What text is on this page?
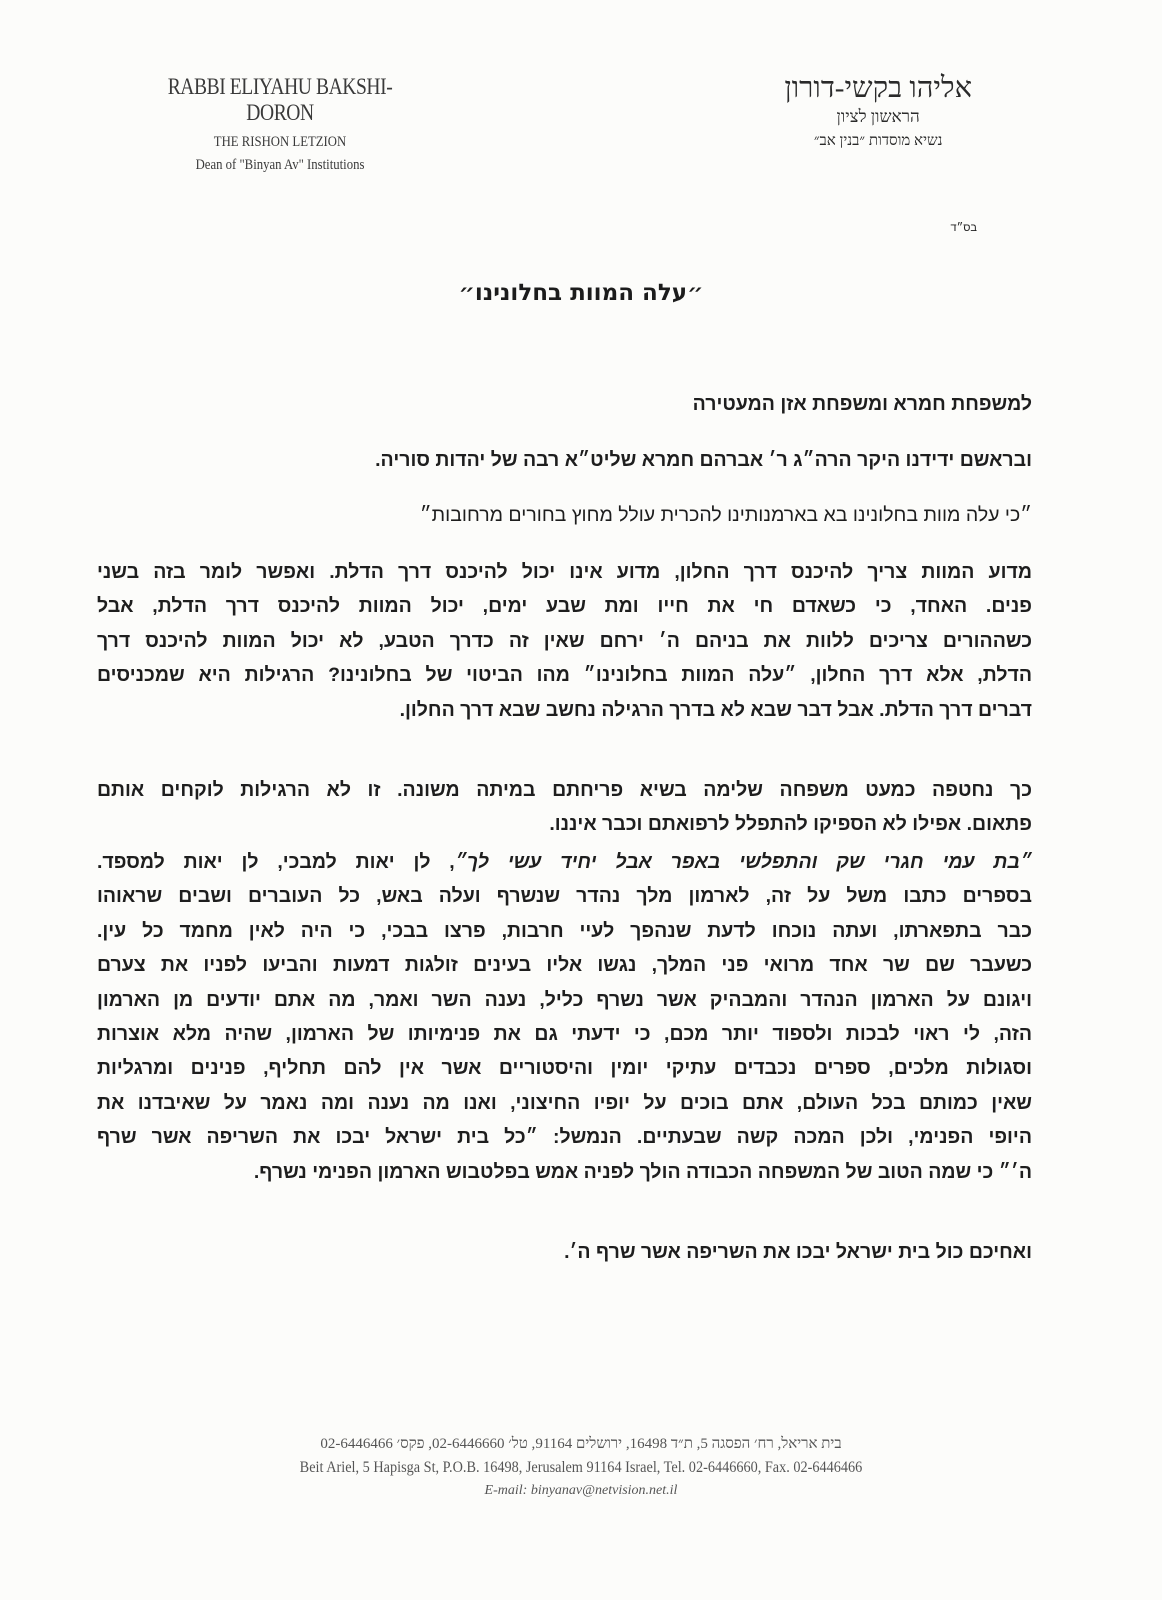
RABBI ELIYAHU BAKSHI-DORON
THE RISHON LETZION
Dean of "Binyan Av" Institutions
אליהו בקשי-דורון
הראשון לציון
נשיא מוסדות ״בנין אב״
בס״ד
״עלה המוות בחלונינו״
למשפחת חמרא ומשפחת אזן המעטירה
ובראשם ידידנו היקר הרה״ג ר׳ אברהם חמרא שליט״א רבה של יהדות סוריה.
״כי עלה מוות בחלונינו בא בארמנותינו להכרית עולל מחוץ בחורים מרחובות״
מדוע המוות צריך להיכנס דרך החלון, מדוע אינו יכול להיכנס דרך הדלת. ואפשר לומר בזה בשני
פנים. האחד, כי כשאדם חי את חייו ומת שבע ימים, יכול המוות להיכנס דרך הדלת, אבל
כשההורים צריכים ללוות את בניהם ה׳ ירחם שאין זה כדרך הטבע, לא יכול המוות להיכנס דרך
הדלת, אלא דרך החלון, ״עלה המוות בחלונינו״ מהו הביטוי של בחלונינו? הרגילות היא שמכניסים
דברים דרך הדלת. אבל דבר שבא לא בדרך הרגילה נחשב שבא דרך החלון.
כך נחטפה כמעט משפחה שלימה בשיא פריחתם במיתה משונה. זו לא הרגילות לוקחים אותם
פתאום. אפילו לא הספיקו להתפלל לרפואתם וכבר איננו.
״בת עמי חגרי שק והתפלשי באפר אבל יחיד עשי לך״, לן יאות למבכי, לן יאות למספד.
בספרים כתבו משל על זה, לארמון מלך נהדר שנשרף ועלה באש, כל העוברים ושבים שראוהו
כבר בתפארתו, ועתה נוכחו לדעת שנהפך לעיי חרבות, פרצו בבכי, כי היה לאין מחמד כל עין.
כשעבר שם שר אחד מרואי פני המלך, נגשו אליו בעינים זולגות דמעות והביעו לפניו את צערם
ויגונם על הארמון הנהדר והמבהיק אשר נשרף כליל, נענה השר ואמר, מה אתם יודעים מן הארמון
הזה, לי ראוי לבכות ולספוד יותר מכם, כי ידעתי גם את פנימיותו של הארמון, שהיה מלא אוצרות
וסגולות מלכים, ספרים נכבדים עתיקי יומין והיסטוריים אשר אין להם תחליף, פנינים ומרגליות
שאין כמותם בכל העולם, אתם בוכים על יופיו החיצוני, ואנו מה נענה ומה נאמר על שאיבדנו את
היופי הפנימי, ולכן המכה קשה שבעתיים. הנמשל: ״כל בית ישראל יבכו את השריפה אשר שרף
ה׳״ כי שמה הטוב של המשפחה הכבודה הולך לפניה אמש בפלטבוש הארמון הפנימי נשרף.
ואחיכם כול בית ישראל יבכו את השריפה אשר שרף ה׳.
בית אריאל, רח׳ הפסגה 5, ת״ד 16498, ירושלים 91164, טל׳ 02-6446660, פקס׳ 02-6446466
Beit Ariel, 5 Hapisga St, P.O.B. 16498, Jerusalem 91164 Israel, Tel. 02-6446660, Fax. 02-6446466
E-mail: binyanav@netvision.net.il
